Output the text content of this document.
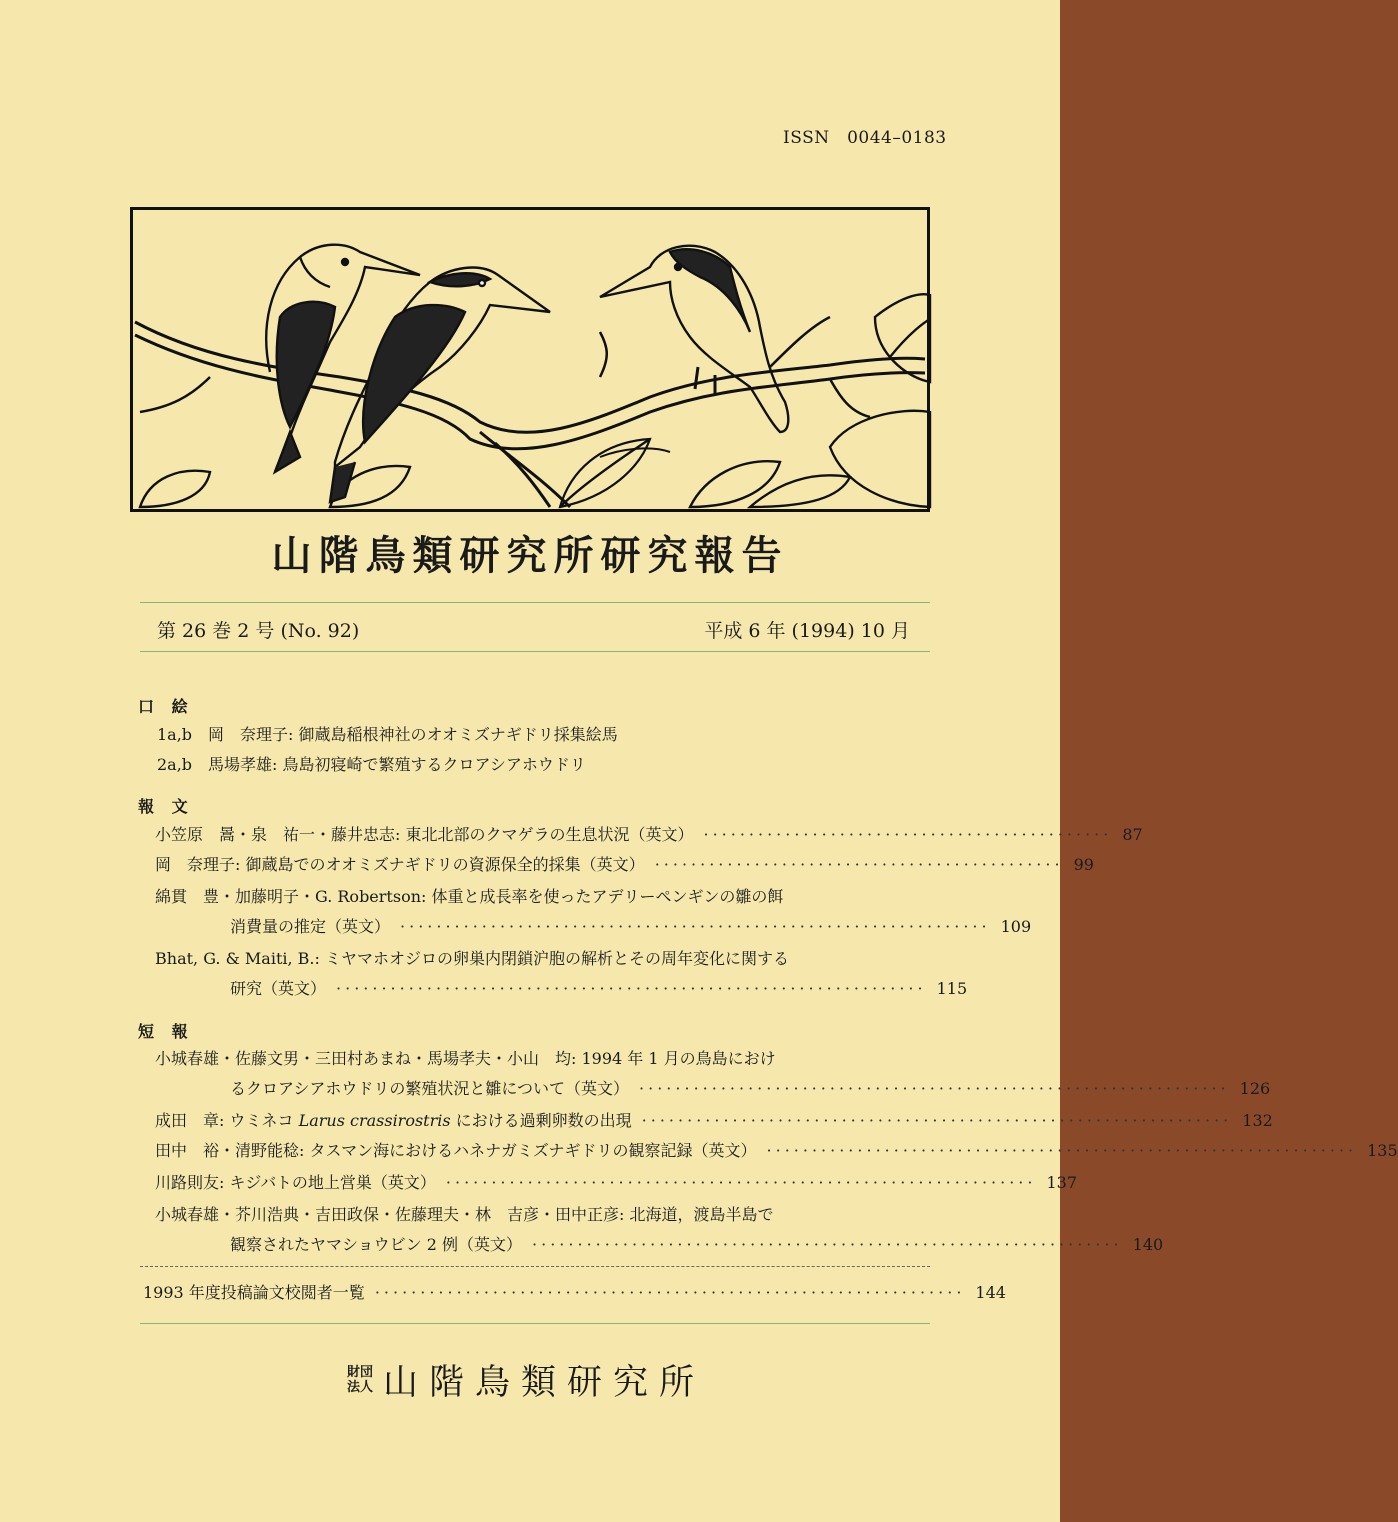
ISSN　0044–0183
山階鳥類研究所研究報告
第 26 巻 2 号 (No. 92)	平成 6 年 (1994) 10 月
口 絵
1a,b　岡　奈理子: 御蔵島稲根神社のオオミズナギドリ採集絵馬
2a,b　馬場孝雄: 鳥島初寝崎で繁殖するクロアシアホウドリ
報 文
小笠原　暠・泉　祐一・藤井忠志: 東北北部のクマゲラの生息状況（英文） ············································· 87
岡　奈理子: 御蔵島でのオオミズナギドリの資源保全的採集（英文） ············································· 99
綿貫　豊・加藤明子・G. Robertson: 体重と成長率を使ったアデリーペンギンの雛の餌
消費量の推定（英文） ································································· 109
Bhat, G. & Maiti, B.: ミヤマホオジロの卵巣内閉鎖沪胞の解析とその周年変化に関する
研究（英文） ································································· 115
短 報
小城春雄・佐藤文男・三田村あまね・馬場孝夫・小山　均: 1994 年 1 月の鳥島におけ
るクロアシアホウドリの繁殖状況と雛について（英文） ································································· 126
成田　章: ウミネコ Larus crassirostris における過剰卵数の出現 ································································· 132
田中　裕・清野能稔: タスマン海におけるハネナガミズナギドリの観察記録（英文） ································································· 135
川路則友: キジバトの地上営巣（英文） ································································· 137
小城春雄・芥川浩典・吉田政保・佐藤理夫・林　吉彦・田中正彦: 北海道，渡島半島で
観察されたヤマショウビン 2 例（英文） ································································· 140
1993 年度投稿論文校閲者一覧 ································································· 144
財団法人 山階鳥類研究所
